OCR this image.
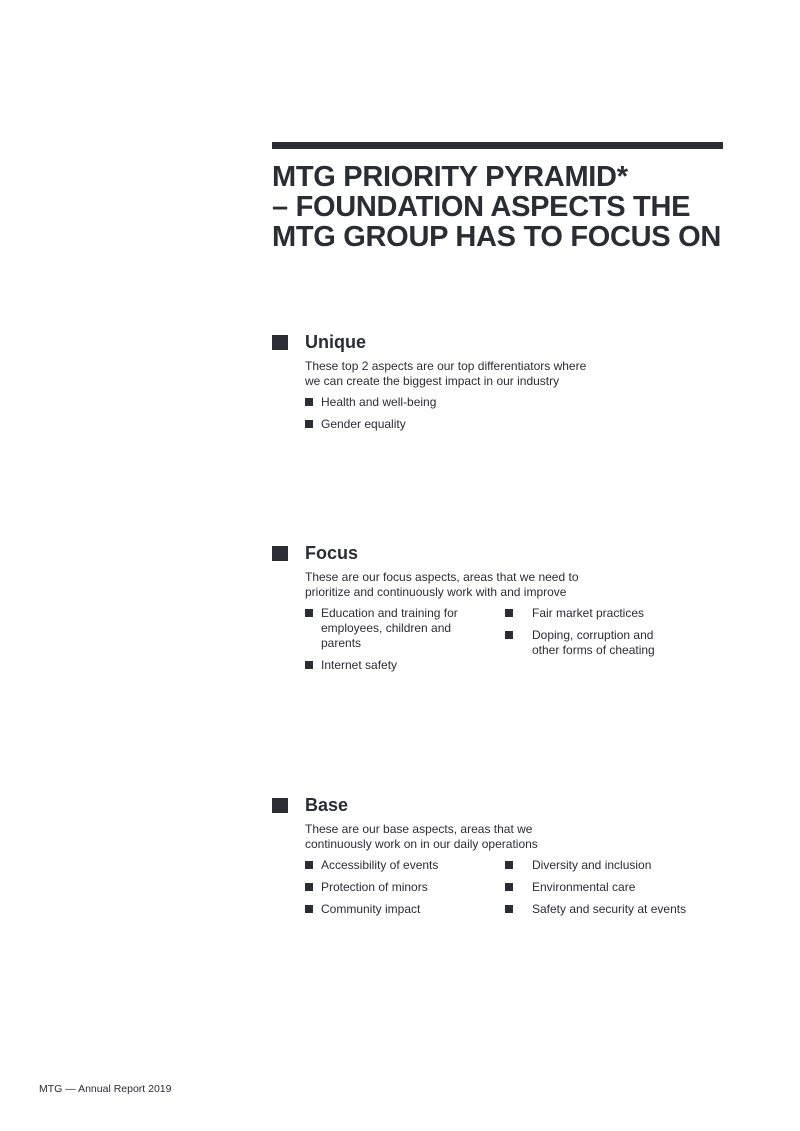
MTG PRIORITY PYRAMID*
– FOUNDATION ASPECTS THE
MTG GROUP HAS TO FOCUS ON
Unique

These top 2 aspects are our top differentiators where
we can create the biggest impact in our industry

Health and well-being
Gender equality
Focus

These are our focus aspects, areas that we need to
prioritize and continuously work with and improve

Education and training for employees, children and parents
Internet safety
Fair market practices
Doping, corruption and other forms of cheating
Base

These are our base aspects, areas that we
continuously work on in our daily operations

Accessibility of events
Protection of minors
Community impact
Diversity and inclusion
Environmental care
Safety and security at events
MTG — Annual Report 2019
